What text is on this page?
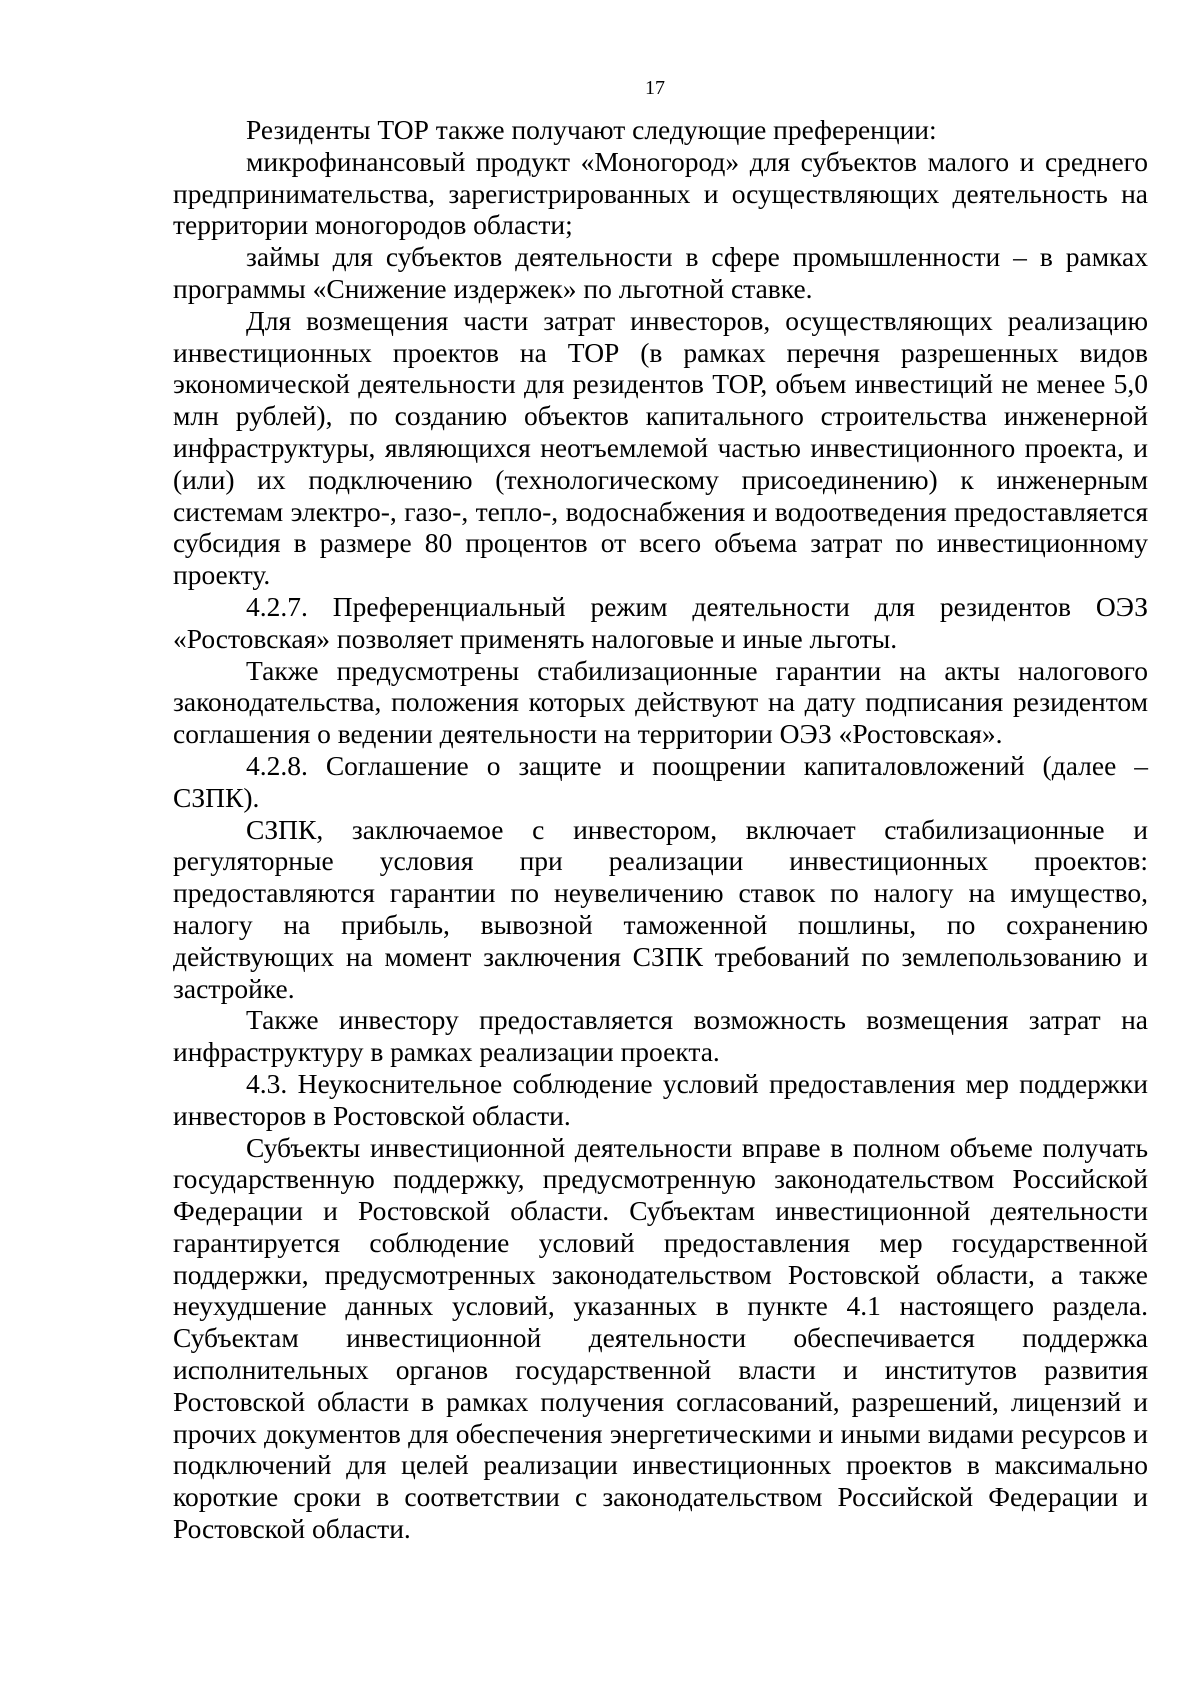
17

Резиденты ТОР также получают следующие преференции:

микрофинансовый продукт «Моногород» для субъектов малого и среднего предпринимательства, зарегистрированных и осуществляющих деятельность на территории моногородов области;

займы для субъектов деятельности в сфере промышленности – в рамках программы «Снижение издержек» по льготной ставке.

Для возмещения части затрат инвесторов, осуществляющих реализацию инвестиционных проектов на ТОР (в рамках перечня разрешенных видов экономической деятельности для резидентов ТОР, объем инвестиций не менее 5,0 млн рублей), по созданию объектов капитального строительства инженерной инфраструктуры, являющихся неотъемлемой частью инвестиционного проекта, и (или) их подключению (технологическому присоединению) к инженерным системам электро-, газо-, тепло-, водоснабжения и водоотведения предоставляется субсидия в размере 80 процентов от всего объема затрат по инвестиционному проекту.

4.2.7. Преференциальный режим деятельности для резидентов ОЭЗ «Ростовская» позволяет применять налоговые и иные льготы.

Также предусмотрены стабилизационные гарантии на акты налогового законодательства, положения которых действуют на дату подписания резидентом соглашения о ведении деятельности на территории ОЭЗ «Ростовская».

4.2.8. Соглашение о защите и поощрении капиталовложений (далее – СЗПК).

СЗПК, заключаемое с инвестором, включает стабилизационные и регуляторные условия при реализации инвестиционных проектов: предоставляются гарантии по неувеличению ставок по налогу на имущество, налогу на прибыль, вывозной таможенной пошлины, по сохранению действующих на момент заключения СЗПК требований по землепользованию и застройке.

Также инвестору предоставляется возможность возмещения затрат на инфраструктуру в рамках реализации проекта.

4.3. Неукоснительное соблюдение условий предоставления мер поддержки инвесторов в Ростовской области.

Субъекты инвестиционной деятельности вправе в полном объеме получать государственную поддержку, предусмотренную законодательством Российской Федерации и Ростовской области. Субъектам инвестиционной деятельности гарантируется соблюдение условий предоставления мер государственной поддержки, предусмотренных законодательством Ростовской области, а также неухудшение данных условий, указанных в пункте 4.1 настоящего раздела. Субъектам инвестиционной деятельности обеспечивается поддержка исполнительных органов государственной власти и институтов развития Ростовской области в рамках получения согласований, разрешений, лицензий и прочих документов для обеспечения энергетическими и иными видами ресурсов и подключений для целей реализации инвестиционных проектов в максимально короткие сроки в соответствии с законодательством Российской Федерации и Ростовской области.
